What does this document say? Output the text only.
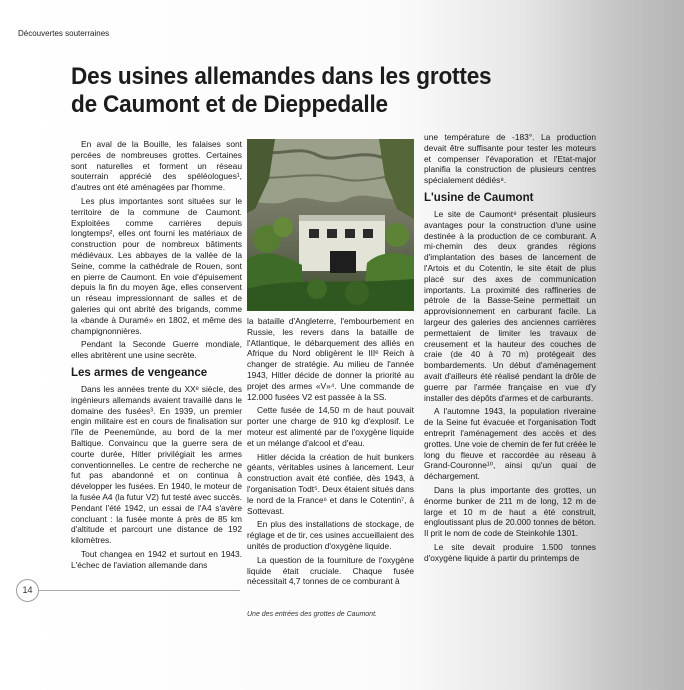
Découvertes souterraines
Des usines allemandes dans les grottes
de Caumont et de Dieppedalle

En aval de la Bouille, les falaises sont percées de nombreuses grottes. Certaines sont naturelles et forment un réseau souterrain apprécié des spéléologues¹, d'autres ont été aménagées par l'homme.

Les plus importantes sont situées sur le territoire de la commune de Caumont. Exploitées comme carrières depuis longtemps², elles ont fourni les matériaux de construction pour de nombreux bâtiments médiévaux. Les abbayes de la vallée de la Seine, comme la cathédrale de Rouen, sont en pierre de Caumont. En voie d'épuisement depuis la fin du moyen âge, elles conservent un réseau impressionnant de salles et de galeries qui ont abrité des brigands, comme la «bande à Duramé» en 1802, et même des champignonnières.

Pendant la Seconde Guerre mondiale, elles abritèrent une usine secrète.

Les armes de vengeance

Dans les années trente du XXᵉ siècle, des ingénieurs allemands avaient travaillé dans le domaine des fusées³. En 1939, un premier engin militaire est en cours de finalisation sur l'île de Peenemünde, au bord de la mer Baltique. Convaincu que la guerre sera de courte durée, Hitler privilégiait les armes conventionnelles. Le centre de recherche ne fut pas abandonné et on continua à développer les fusées. En 1940, le moteur de la fusée A4 (la futur V2) fut testé avec succès. Pendant l'été 1942, un essai de l'A4 s'avère concluant : la fusée monte à près de 85 km d'altitude et parcourt une distance de 192 kilomètres.

Tout changea en 1942 et surtout en 1943. L'échec de l'aviation allemande dans

la bataille d'Angleterre, l'embourbement en Russie, les revers dans la bataille de l'Atlantique, le débarquement des alliés en Afrique du Nord obligèrent le IIIᵉ Reich à changer de stratégie. Au milieu de l'année 1943, Hitler décide de donner la priorité au projet des armes «V»⁴. Une commande de 12.000 fusées V2 est passée à la SS.

Cette fusée de 14,50 m de haut pouvait porter une charge de 910 kg d'explosif. Le moteur est alimenté par de l'oxygène liquide et un mélange d'alcool et d'eau.

Hitler décida la création de huit bunkers géants, véritables usines à lancement. Leur construction avait été confiée, dès 1943, à l'organisation Todt⁵. Deux étaient situés dans le nord de la France⁶ et dans le Cotentin⁷, à Sottevast.

En plus des installations de stockage, de réglage et de tir, ces usines accueillaient des unités de production d'oxygène liquide.

La question de la fourniture de l'oxygène liquide était cruciale. Chaque fusée nécessitait 4,7 tonnes de ce comburant à

une température de -183°. La production devait être suffisante pour tester les moteurs et compenser l'évaporation et l'Etat-major planifia la construction de plusieurs centres spécialement dédiés⁸.

L'usine de Caumont

Le site de Caumont⁹ présentait plusieurs avantages pour la construction d'une usine destinée à la production de ce comburant. A mi-chemin des deux grandes régions d'implantation des bases de lancement de l'Artois et du Cotentin, le site était de plus placé sur des axes de communication importants. La proximité des raffineries de pétrole de la Basse-Seine permettait un approvisionnement en carburant facile. La largeur des galeries des anciennes carrières permettaient de limiter les travaux de creusement et la hauteur des couches de craie (de 40 à 70 m) protégeait des bombardements. Un début d'aménagement avait d'ailleurs été réalisé pendant la drôle de guerre par l'armée française en vue d'y installer des dépôts d'armes et de carburants.

A l'automne 1943, la population riveraine de la Seine fut évacuée et l'organisation Todt entreprit l'aménagement des accès et des grottes. Une voie de chemin de fer fut créée le long du fleuve et raccordée au réseau à Grand-Couronne¹⁰, ainsi qu'un quai de déchargement.

Dans la plus importante des grottes, un énorme bunker de 211 m de long, 12 m de large et 10 m de haut a été construit, engloutissant plus de 20.000 tonnes de béton. Il prit le nom de code de Steinkohle 1301.

Le site devait produire 1.500 tonnes d'oxygène liquide à partir du printemps de

Une des entrées des grottes de Caumont.
14
